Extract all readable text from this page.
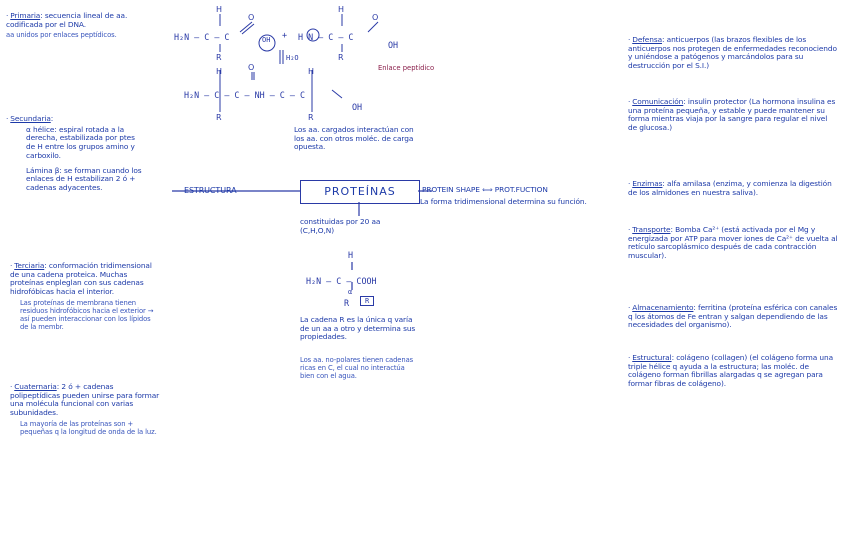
· Primaria: secuencia lineal de aa. codificada por el DNA.

aa unidos por enlaces peptídicos.

· Secundaria:

α hélice: espiral rotada a la derecha, estabilizada por ptes de H entre los grupos amino y carboxilo.

Lámina β: se forman cuando los enlaces de H estabilizan 2 ó + cadenas adyacentes.

· Terciaria: conformación tridimensional de una cadena proteica. Muchas proteínas enpleglan con sus cadenas hidrofóbicas hacia el interior.

Las proteínas de membrana tienen residuos hidrofóbicos hacia el exterior → así pueden interaccionar con los lípidos de la membr.

· Cuaternaria: 2 ó + cadenas polipeptídicas pueden unirse para formar una molécula funcional con varias subunidades.

La mayoría de las proteínas son + pequeñas q la longitud de onda de la luz.

H
R
H
R
O	O
H
R
H
R
O
H₂N — C — C	OH + H N — C — C
OH
H₂O
H₂N — C — C — NH — C — C
OH
Enlace peptídico
Los aa. cargados interactúan con los aa. con otros moléc. de carga opuesta.
PROTEÍNAS
ESTRUCTURA	PROTEIN SHAPE ⟺ PROT.FUCTION
La forma tridimensional determina su función.
constituidas por 20 aa (C,H,O,N)
H
H₂N — C — COOH
α
R	R
La cadena R es la única q varía de un aa a otro y determina sus propiedades.
Los aa. no-polares tienen cadenas ricas en C, el cual no interactúa bien con el agua.

· Defensa: anticuerpos (las brazos flexibles de los anticuerpos nos protegen de enfermedades reconociendo y uniéndose a patógenos y marcándolos para su destrucción por el S.I.)

· Comunicación: insulin protector (La hormona insulina es una proteína pequeña, y estable y puede mantener su forma mientras viaja por la sangre para regular el nivel de glucosa.)

· Enzimas: alfa amilasa (enzima, y comienza la digestión de los almidones en nuestra saliva).

· Transporte: Bomba Ca²⁺ (está activada por el Mg y energizada por ATP para mover iones de Ca²⁺ de vuelta al retículo sarcoplásmico después de cada contracción muscular).

· Almacenamiento: ferritina (proteína esférica con canales q los átomos de Fe entran y salgan dependiendo de las necesidades del organismo).

· Estructural: colágeno (collagen) (el colágeno forma una triple hélice q ayuda a la estructura; las moléc. de colágeno forman fibrillas alargadas q se agregan para formar fibras de colágeno).
